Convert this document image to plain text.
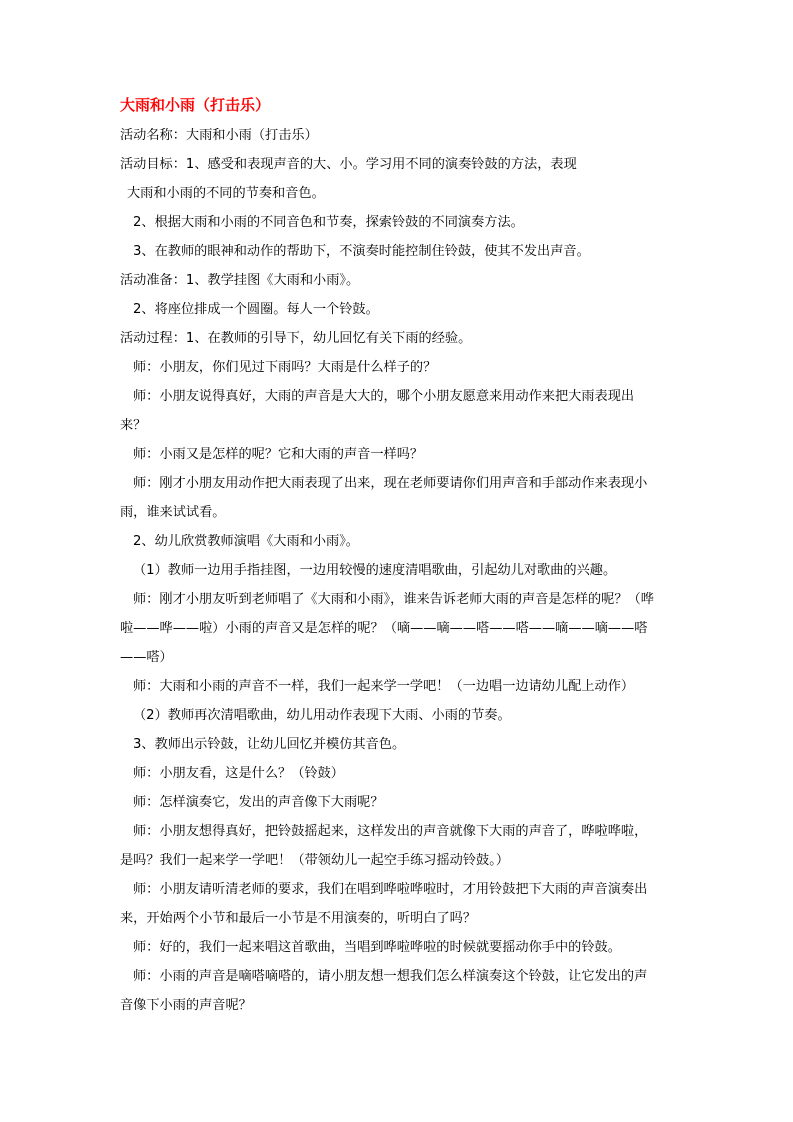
大雨和小雨（打击乐）
活动名称：大雨和小雨（打击乐）
活动目标：1、感受和表现声音的大、小。学习用不同的演奏铃鼓的方法，表现
大雨和小雨的不同的节奏和音色。
2、根据大雨和小雨的不同音色和节奏，探索铃鼓的不同演奏方法。
3、在教师的眼神和动作的帮助下，不演奏时能控制住铃鼓，使其不发出声音。
活动准备：1、教学挂图《大雨和小雨》。
2、将座位排成一个圆圈。每人一个铃鼓。
活动过程：1、在教师的引导下，幼儿回忆有关下雨的经验。
师：小朋友，你们见过下雨吗？大雨是什么样子的？
师：小朋友说得真好，大雨的声音是大大的，哪个小朋友愿意来用动作来把大雨表现出
来？
师：小雨又是怎样的呢？它和大雨的声音一样吗？
师：刚才小朋友用动作把大雨表现了出来，现在老师要请你们用声音和手部动作来表现小
雨，谁来试试看。
2、幼儿欣赏教师演唱《大雨和小雨》。
（1）教师一边用手指挂图，一边用较慢的速度清唱歌曲，引起幼儿对歌曲的兴趣。
师：刚才小朋友听到老师唱了《大雨和小雨》，谁来告诉老师大雨的声音是怎样的呢？（哗
啦——哗——啦）小雨的声音又是怎样的呢？（嘀——嘀——嗒——嗒——嘀——嘀——嗒
——嗒）
师：大雨和小雨的声音不一样，我们一起来学一学吧！（一边唱一边请幼儿配上动作）
（2）教师再次清唱歌曲，幼儿用动作表现下大雨、小雨的节奏。
3、教师出示铃鼓，让幼儿回忆并模仿其音色。
师：小朋友看，这是什么？（铃鼓）
师：怎样演奏它，发出的声音像下大雨呢？
师：小朋友想得真好，把铃鼓摇起来，这样发出的声音就像下大雨的声音了，哗啦哗啦，
是吗？我们一起来学一学吧！（带领幼儿一起空手练习摇动铃鼓。）
师：小朋友请听清老师的要求，我们在唱到哗啦哗啦时，才用铃鼓把下大雨的声音演奏出
来，开始两个小节和最后一小节是不用演奏的，听明白了吗？
师：好的，我们一起来唱这首歌曲，当唱到哗啦哗啦的时候就要摇动你手中的铃鼓。
师：小雨的声音是嘀嗒嘀嗒的，请小朋友想一想我们怎么样演奏这个铃鼓，让它发出的声
音像下小雨的声音呢？
